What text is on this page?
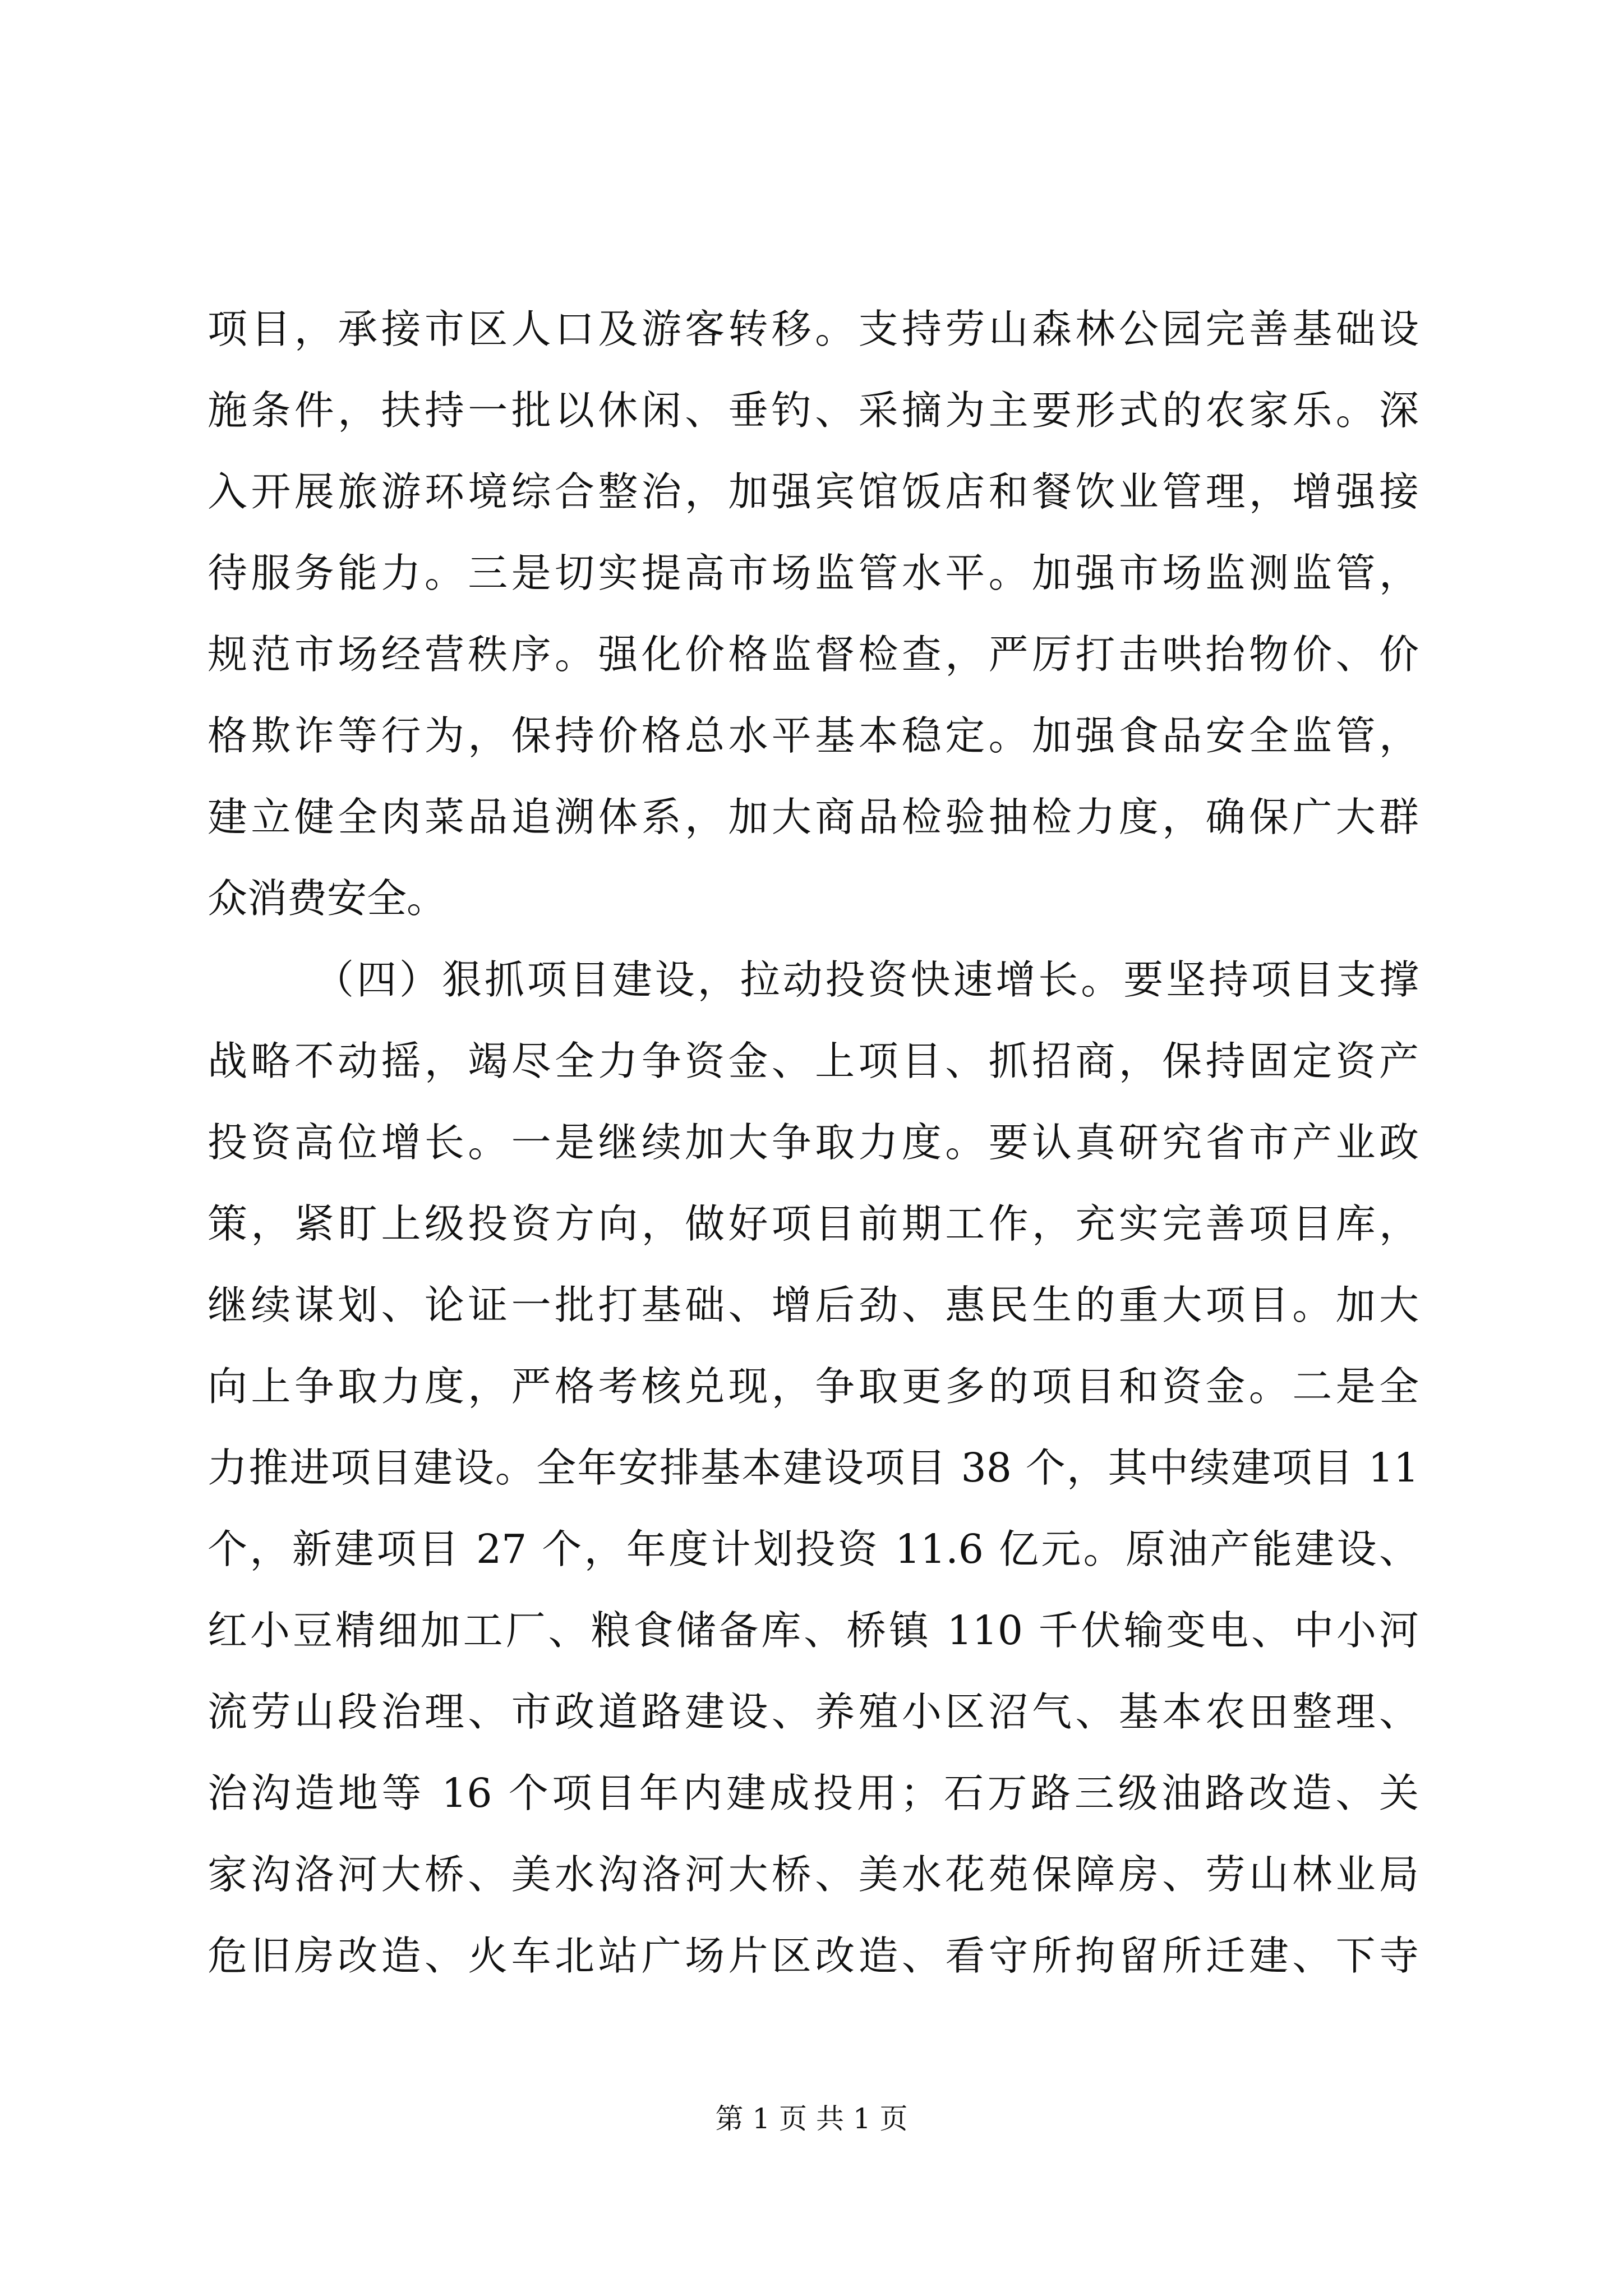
项目，承接市区人口及游客转移。支持劳山森林公园完善基础设
施条件，扶持一批以休闲、垂钓、采摘为主要形式的农家乐。深
入开展旅游环境综合整治，加强宾馆饭店和餐饮业管理，增强接
待服务能力。三是切实提高市场监管水平。加强市场监测监管，
规范市场经营秩序。强化价格监督检查，严厉打击哄抬物价、价
格欺诈等行为，保持价格总水平基本稳定。加强食品安全监管，
建立健全肉菜品追溯体系，加大商品检验抽检力度，确保广大群
众消费安全。
（四）狠抓项目建设，拉动投资快速增长。要坚持项目支撑
战略不动摇，竭尽全力争资金、上项目、抓招商，保持固定资产
投资高位增长。一是继续加大争取力度。要认真研究省市产业政
策，紧盯上级投资方向，做好项目前期工作，充实完善项目库，
继续谋划、论证一批打基础、增后劲、惠民生的重大项目。加大
向上争取力度，严格考核兑现，争取更多的项目和资金。二是全
力推进项目建设。全年安排基本建设项目 38 个，其中续建项目 11
个，新建项目 27 个，年度计划投资 11.6 亿元。原油产能建设、
红小豆精细加工厂、粮食储备库、桥镇 110 千伏输变电、中小河
流劳山段治理、市政道路建设、养殖小区沼气、基本农田整理、
治沟造地等 16 个项目年内建成投用；石万路三级油路改造、关
家沟洛河大桥、美水沟洛河大桥、美水花苑保障房、劳山林业局
危旧房改造、火车北站广场片区改造、看守所拘留所迁建、下寺
第 1 页 共 1 页
